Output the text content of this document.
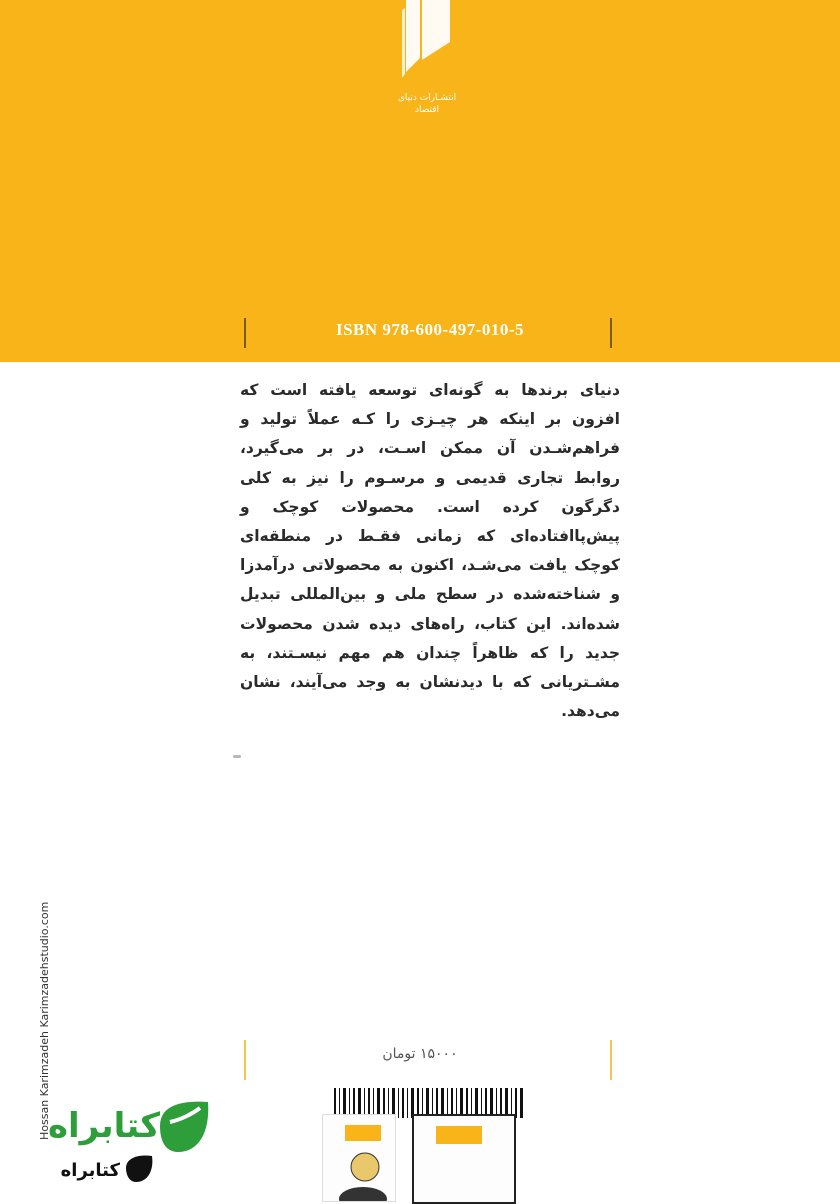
انتشـارات دنیای اقتصاد
ISBN 978-600-497-010-5

دنیای برندها به گونه‌ای توسعه یافته است که افزون بر اینکه هر چیـزی را کـه عملاً تولید و فراهم‌شـدن آن ممکن اسـت، در بر می‌گیرد، روابط تجاری قدیمی و مرسـوم را نیز به کلی دگرگون کرده است. محصولات کوچک و پیش‌پاافتاده‌ای که زمانی فقـط در منطقه‌ای کوچک یافت می‌شـد، اکنون به محصولاتی درآمدزا و شناخته‌شده در سطح ملی و بین‌المللی تبدیل شده‌اند. این کتاب، راه‌های دیده شدن محصولات جدید را که ظاهراً چندان هم مهم نیسـتند، به مشـتریانی که با دیدنشان به وجد می‌آیند، نشان می‌دهد.

Hossan Karimzadeh Karimzadehstudio.com	۱۵۰۰۰ تومان
کتابراه
کتابراه
